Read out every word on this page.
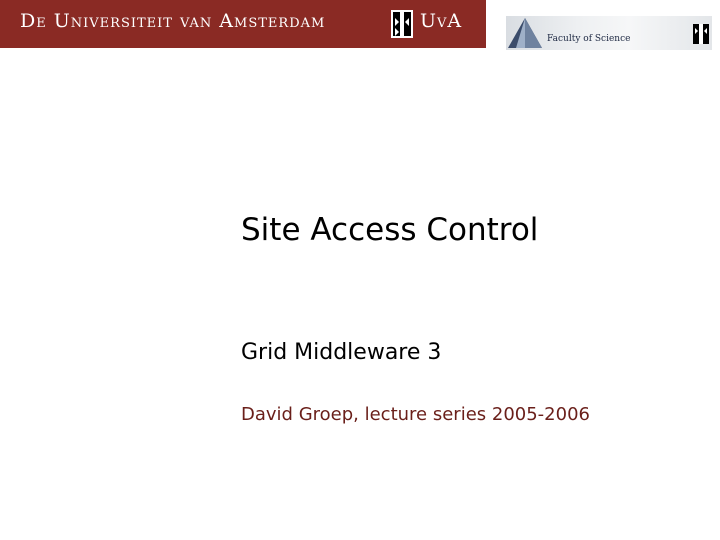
De Universiteit van Amsterdam	UvA
Faculty of Science
Site Access Control
Grid Middleware 3
David Groep, lecture series 2005-2006
